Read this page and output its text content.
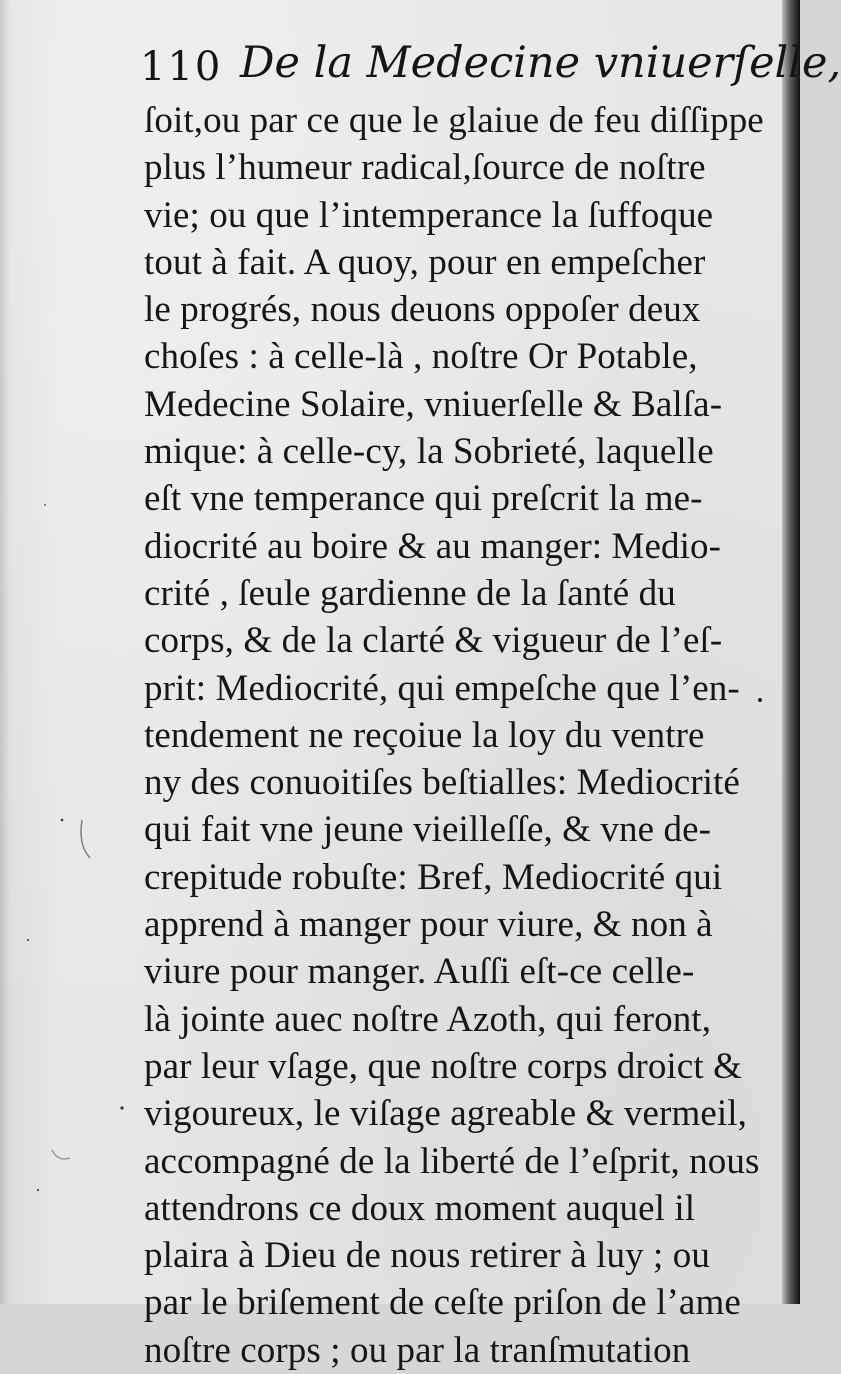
110 De la Medecine vniuerſelle,
ſoit,ou par ce que le glaiue de feu diſſippe
plus l’humeur radical,ſource de noſtre
vie; ou que l’intemperance la ſuffoque
tout à fait. A quoy, pour en empeſcher
le progrés, nous deuons oppoſer deux
choſes : à celle-là , noſtre Or Potable,
Medecine Solaire, vniuerſelle & Balſa-
mique: à celle-cy, la Sobrieté, laquelle
eſt vne temperance qui preſcrit la me-
diocrité au boire & au manger: Medio-
crité , ſeule gardienne de la ſanté du
corps, & de la clarté & vigueur de l’eſ-
prit: Mediocrité, qui empeſche que l’en-
tendement ne reçoiue la loy du ventre
ny des conuoitiſes beſtialles: Mediocrité
qui fait vne jeune vieilleſſe, & vne de-
crepitude robuſte: Bref, Mediocrité qui
apprend à manger pour viure, & non à
viure pour manger. Auſſi eſt-ce celle-
là jointe auec noſtre Azoth, qui feront,
par leur vſage, que noſtre corps droict &
vigoureux, le viſage agreable & vermeil,
accompagné de la liberté de l’eſprit, nous
attendrons ce doux moment auquel il
plaira à Dieu de nous retirer à luy ; ou
par le briſement de ceſte priſon de l’ame
noſtre corps ; ou par la tranſmutation
